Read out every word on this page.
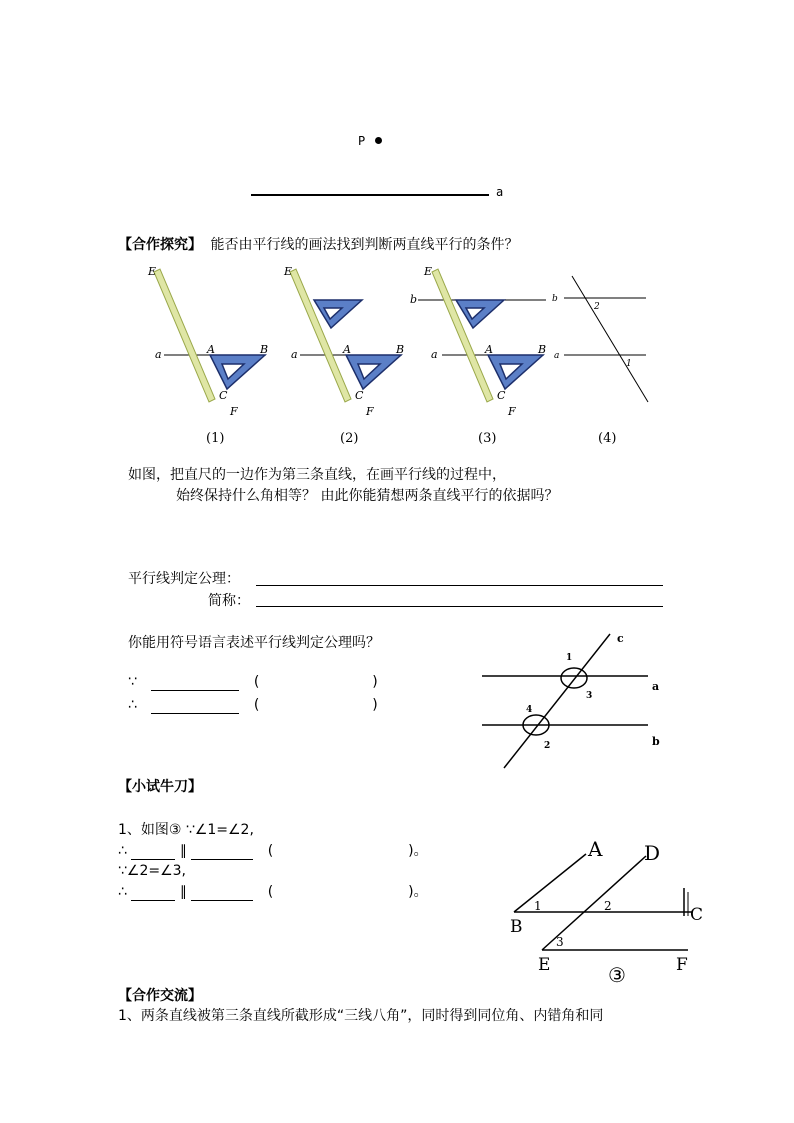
P
a
【合作探究】 能否由平行线的画法找到判断两直线平行的条件？
E
a	A	B
C
F
(1)
E
a	A	B
C
F
(2)
E
b
a	A	B
C
F
(3)
b
a
2
1
(4)
如图，把直尺的一边作为第三条直线，在画平行线的过程中，
始终保持什么角相等？ 由此你能猜想两条直线平行的依据吗？
平行线判定公理：
简称：
你能用符号语言表述平行线判定公理吗？
∵	(	)
∴	(	)
c
a
b
1
3
4
2
【小试牛刀】
1、如图③ ∵∠1=∠2,
∴	∥	(	)。
∵∠2=∠3,
∴	∥	(	)。
A D
B
C
E	F
1	2
3
③
【合作交流】
1、两条直线被第三条直线所截形成“三线八角”，同时得到同位角、内错角和同
